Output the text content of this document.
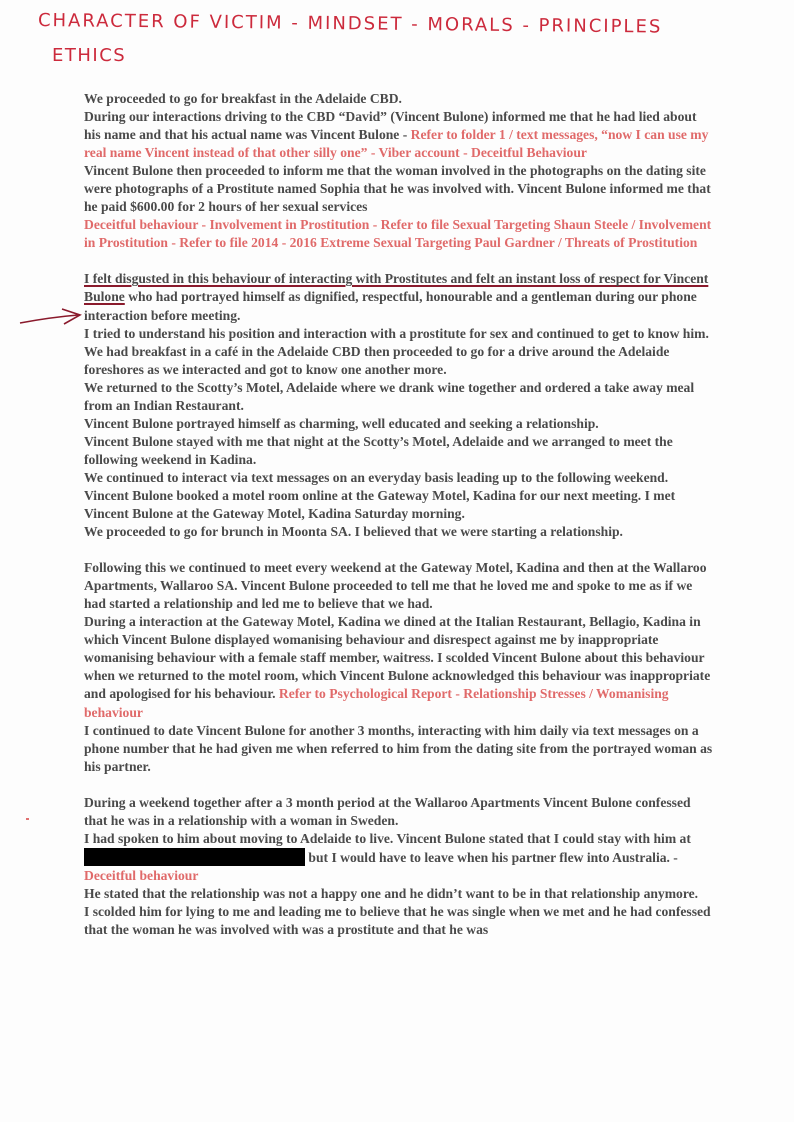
CHARACTER OF VICTIM - MINDSET - MORALS - PRINCIPLES
ETHICS

We proceeded to go for breakfast in the Adelaide CBD.

During our interactions driving to the CBD “David” (Vincent Bulone) informed me that he had lied about his name and that his actual name was Vincent Bulone - Refer to folder 1 / text messages, “now I can use my real name Vincent instead of that other silly one” - Viber account - Deceitful Behaviour

Vincent Bulone then proceeded to inform me that the woman involved in the photographs on the dating site were photographs of a Prostitute named Sophia that he was involved with. Vincent Bulone informed me that he paid $600.00 for 2 hours of her sexual services

Deceitful behaviour - Involvement in Prostitution - Refer to file Sexual Targeting Shaun Steele / Involvement in Prostitution - Refer to file 2014 - 2016 Extreme Sexual Targeting Paul Gardner / Threats of Prostitution

I felt disgusted in this behaviour of interacting with Prostitutes and felt an instant loss of respect for Vincent Bulone who had portrayed himself as dignified, respectful, honourable and a gentleman during our phone interaction before meeting.

I tried to understand his position and interaction with a prostitute for sex and continued to get to know him. We had breakfast in a café in the Adelaide CBD then proceeded to go for a drive around the Adelaide foreshores as we interacted and got to know one another more.

We returned to the Scotty’s Motel, Adelaide where we drank wine together and ordered a take away meal from an Indian Restaurant.

Vincent Bulone portrayed himself as charming, well educated and seeking a relationship.

Vincent Bulone stayed with me that night at the Scotty’s Motel, Adelaide and we arranged to meet the following weekend in Kadina.

We continued to interact via text messages on an everyday basis leading up to the following weekend. Vincent Bulone booked a motel room online at the Gateway Motel, Kadina for our next meeting. I met Vincent Bulone at the Gateway Motel, Kadina Saturday morning.

We proceeded to go for brunch in Moonta SA. I believed that we were starting a relationship.

Following this we continued to meet every weekend at the Gateway Motel, Kadina and then at the Wallaroo Apartments, Wallaroo SA. Vincent Bulone proceeded to tell me that he loved me and spoke to me as if we had started a relationship and led me to believe that we had.

During a interaction at the Gateway Motel, Kadina we dined at the Italian Restaurant, Bellagio, Kadina in which Vincent Bulone displayed womanising behaviour and disrespect against me by inappropriate womanising behaviour with a female staff member, waitress. I scolded Vincent Bulone about this behaviour when we returned to the motel room, which Vincent Bulone acknowledged this behaviour was inappropriate and apologised for his behaviour. Refer to Psychological Report - Relationship Stresses / Womanising behaviour

I continued to date Vincent Bulone for another 3 months, interacting with him daily via text messages on a phone number that he had given me when referred to him from the dating site from the portrayed woman as his partner.

During a weekend together after a 3 month period at the Wallaroo Apartments Vincent Bulone confessed that he was in a relationship with a woman in Sweden.

I had spoken to him about moving to Adelaide to live. Vincent Bulone stated that I could stay with him at  but I would have to leave when his partner flew into Australia. - Deceitful behaviour

He stated that the relationship was not a happy one and he didn’t want to be in that relationship anymore.

I scolded him for lying to me and leading me to believe that he was single when we met and he had confessed that the woman he was involved with was a prostitute and that he was
